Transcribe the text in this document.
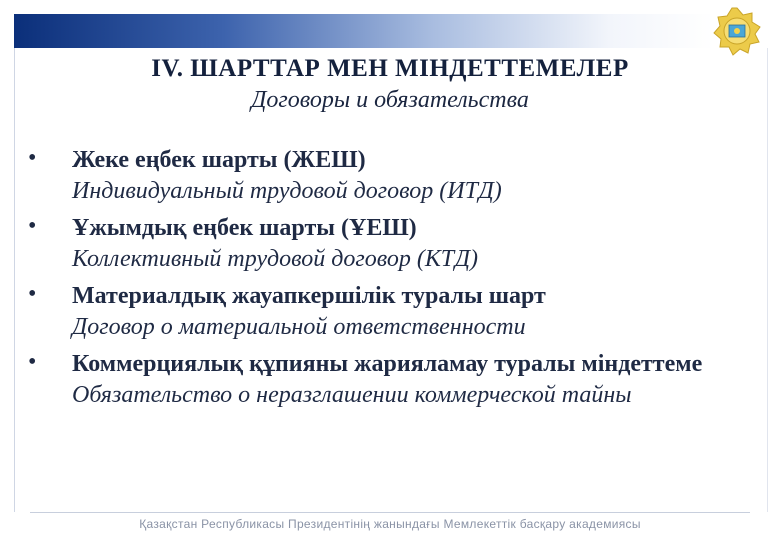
IV. ШАРТТАР МЕН МІНДЕТТЕМЕЛЕР
Договоры и обязательства
• Жеке еңбек шарты (ЖЕШ)
Индивидуальный трудовой договор (ИТД)
• Ұжымдық еңбек шарты (ҰЕШ)
Коллективный трудовой договор (КТД)
• Материалдық жауапкершілік туралы шарт
Договор о материальной ответственности
• Коммерциялық құпияны жарияламау туралы міндеттеме
Обязательство о неразглашении коммерческой тайны
Қазақстан Республикасы Президентінің жанындағы Мемлекеттік басқару академиясы
